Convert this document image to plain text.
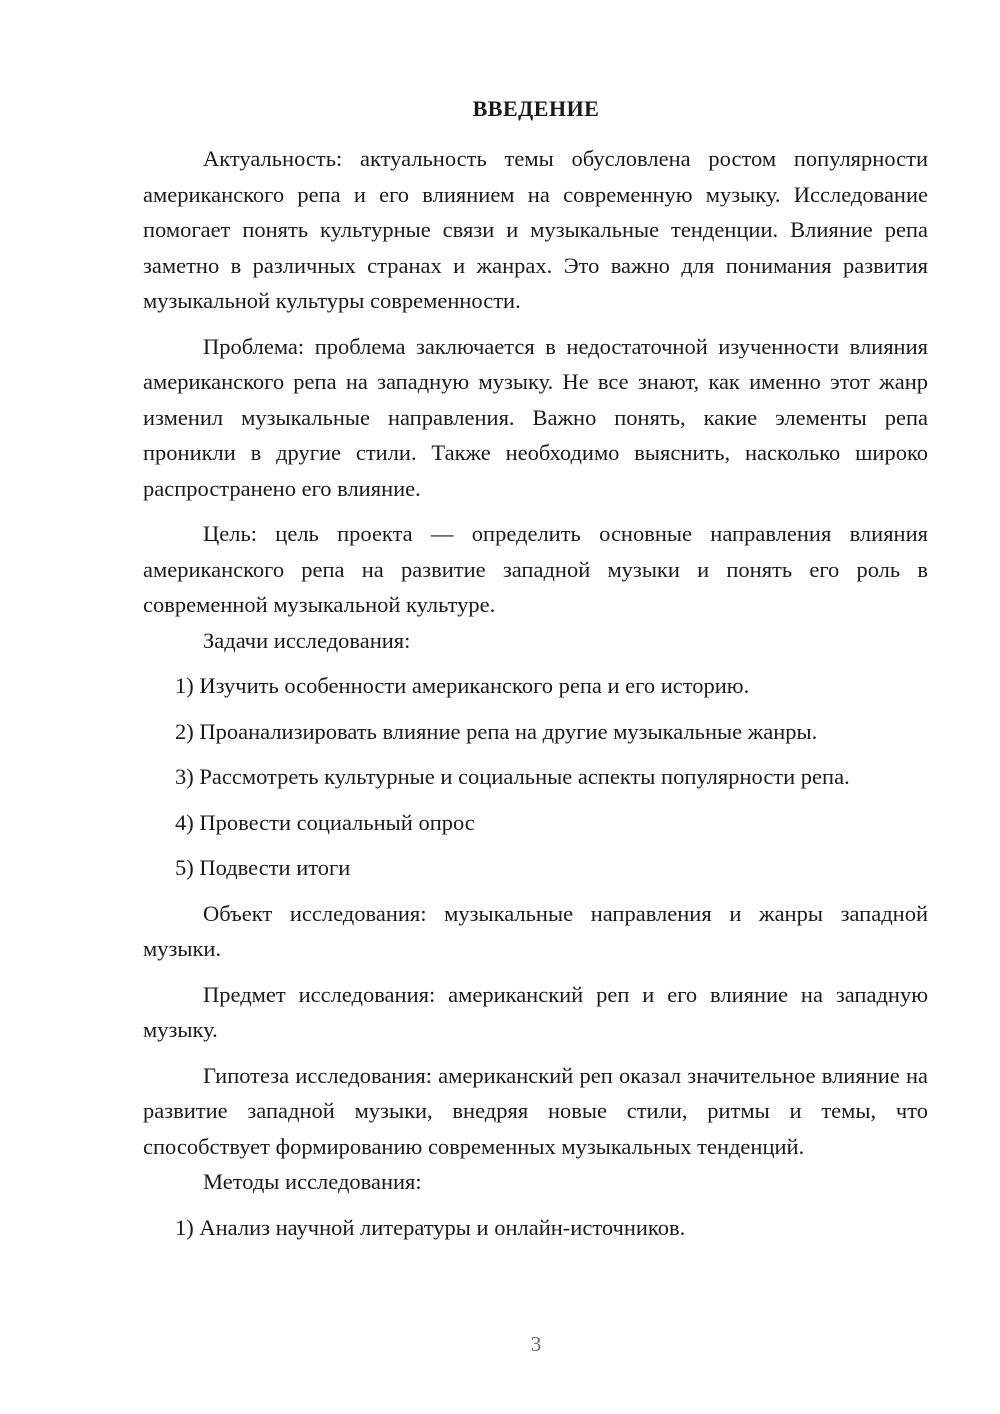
ВВЕДЕНИЕ

Актуальность: актуальность темы обусловлена ростом популярности американского репа и его влиянием на современную музыку. Исследование помогает понять культурные связи и музыкальные тенденции. Влияние репа заметно в различных странах и жанрах. Это важно для понимания развития музыкальной культуры современности.

Проблема: проблема заключается в недостаточной изученности влияния американского репа на западную музыку. Не все знают, как именно этот жанр изменил музыкальные направления. Важно понять, какие элементы репа проникли в другие стили. Также необходимо выяснить, насколько широко распространено его влияние.

Цель: цель проекта — определить основные направления влияния американского репа на развитие западной музыки и понять его роль в современной музыкальной культуре.

Задачи исследования:

1) Изучить особенности американского репа и его историю.

2) Проанализировать влияние репа на другие музыкальные жанры.

3) Рассмотреть культурные и социальные аспекты популярности репа.

4) Провести социальный опрос

5) Подвести итоги

Объект исследования: музыкальные направления и жанры западной музыки.

Предмет исследования: американский реп и его влияние на западную музыку.

Гипотеза исследования: американский реп оказал значительное влияние на развитие западной музыки, внедряя новые стили, ритмы и темы, что способствует формированию современных музыкальных тенденций.

Методы исследования:

1) Анализ научной литературы и онлайн-источников.

3
